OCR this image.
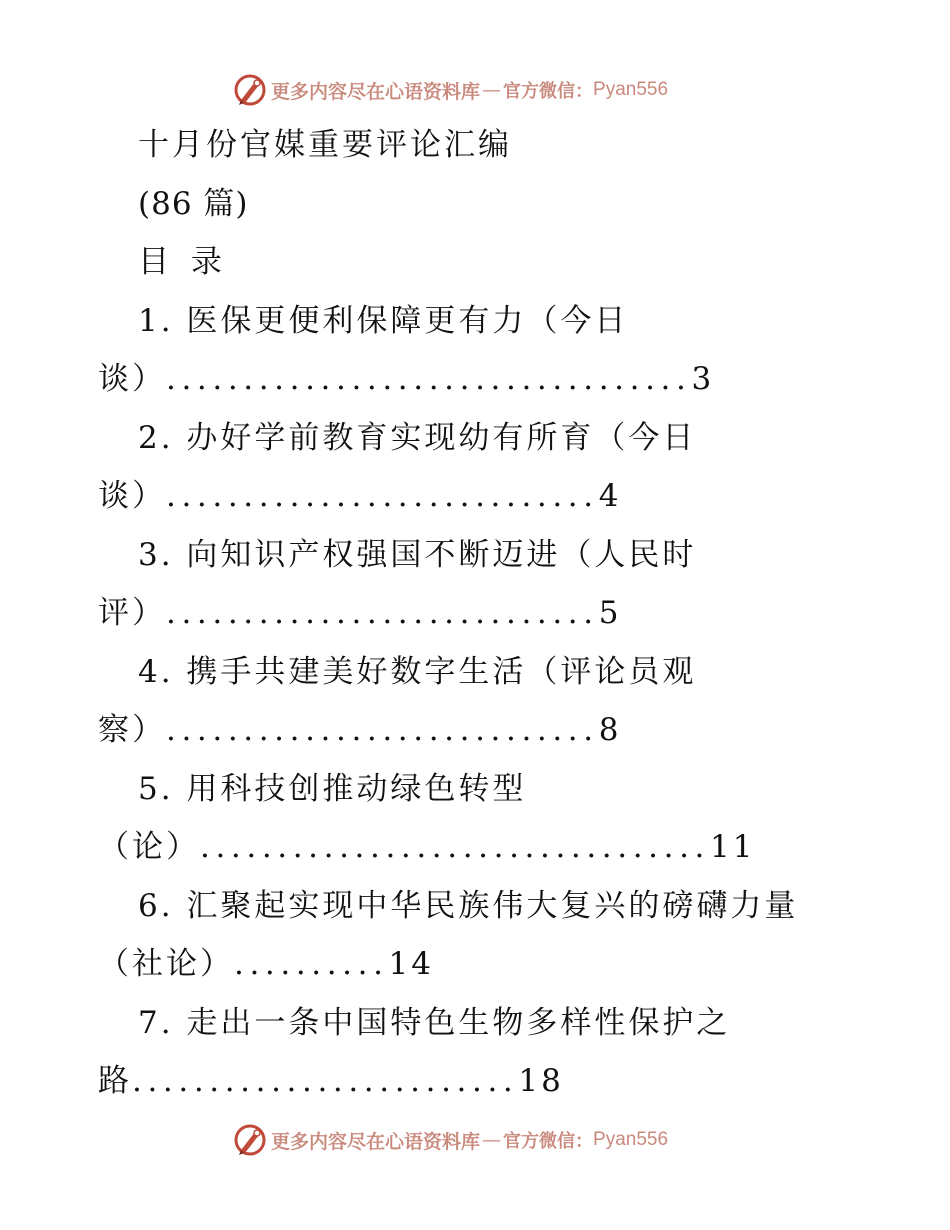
更多内容尽在心语资料库 — 官方微信： Pyan556
十月份官媒重要评论汇编
(86 篇)
目 录
1. 医保更便利保障更有力（今日
谈）..................................3
2. 办好学前教育实现幼有所育（今日
谈）............................4
3. 向知识产权强国不断迈进（人民时
评）............................5
4. 携手共建美好数字生活（评论员观
察）............................8
5. 用科技创推动绿色转型
（论）.................................11
6. 汇聚起实现中华民族伟大复兴的磅礴力量
（社论）..........14
7. 走出一条中国特色生物多样性保护之
路.........................18
更多内容尽在心语资料库 — 官方微信： Pyan556
